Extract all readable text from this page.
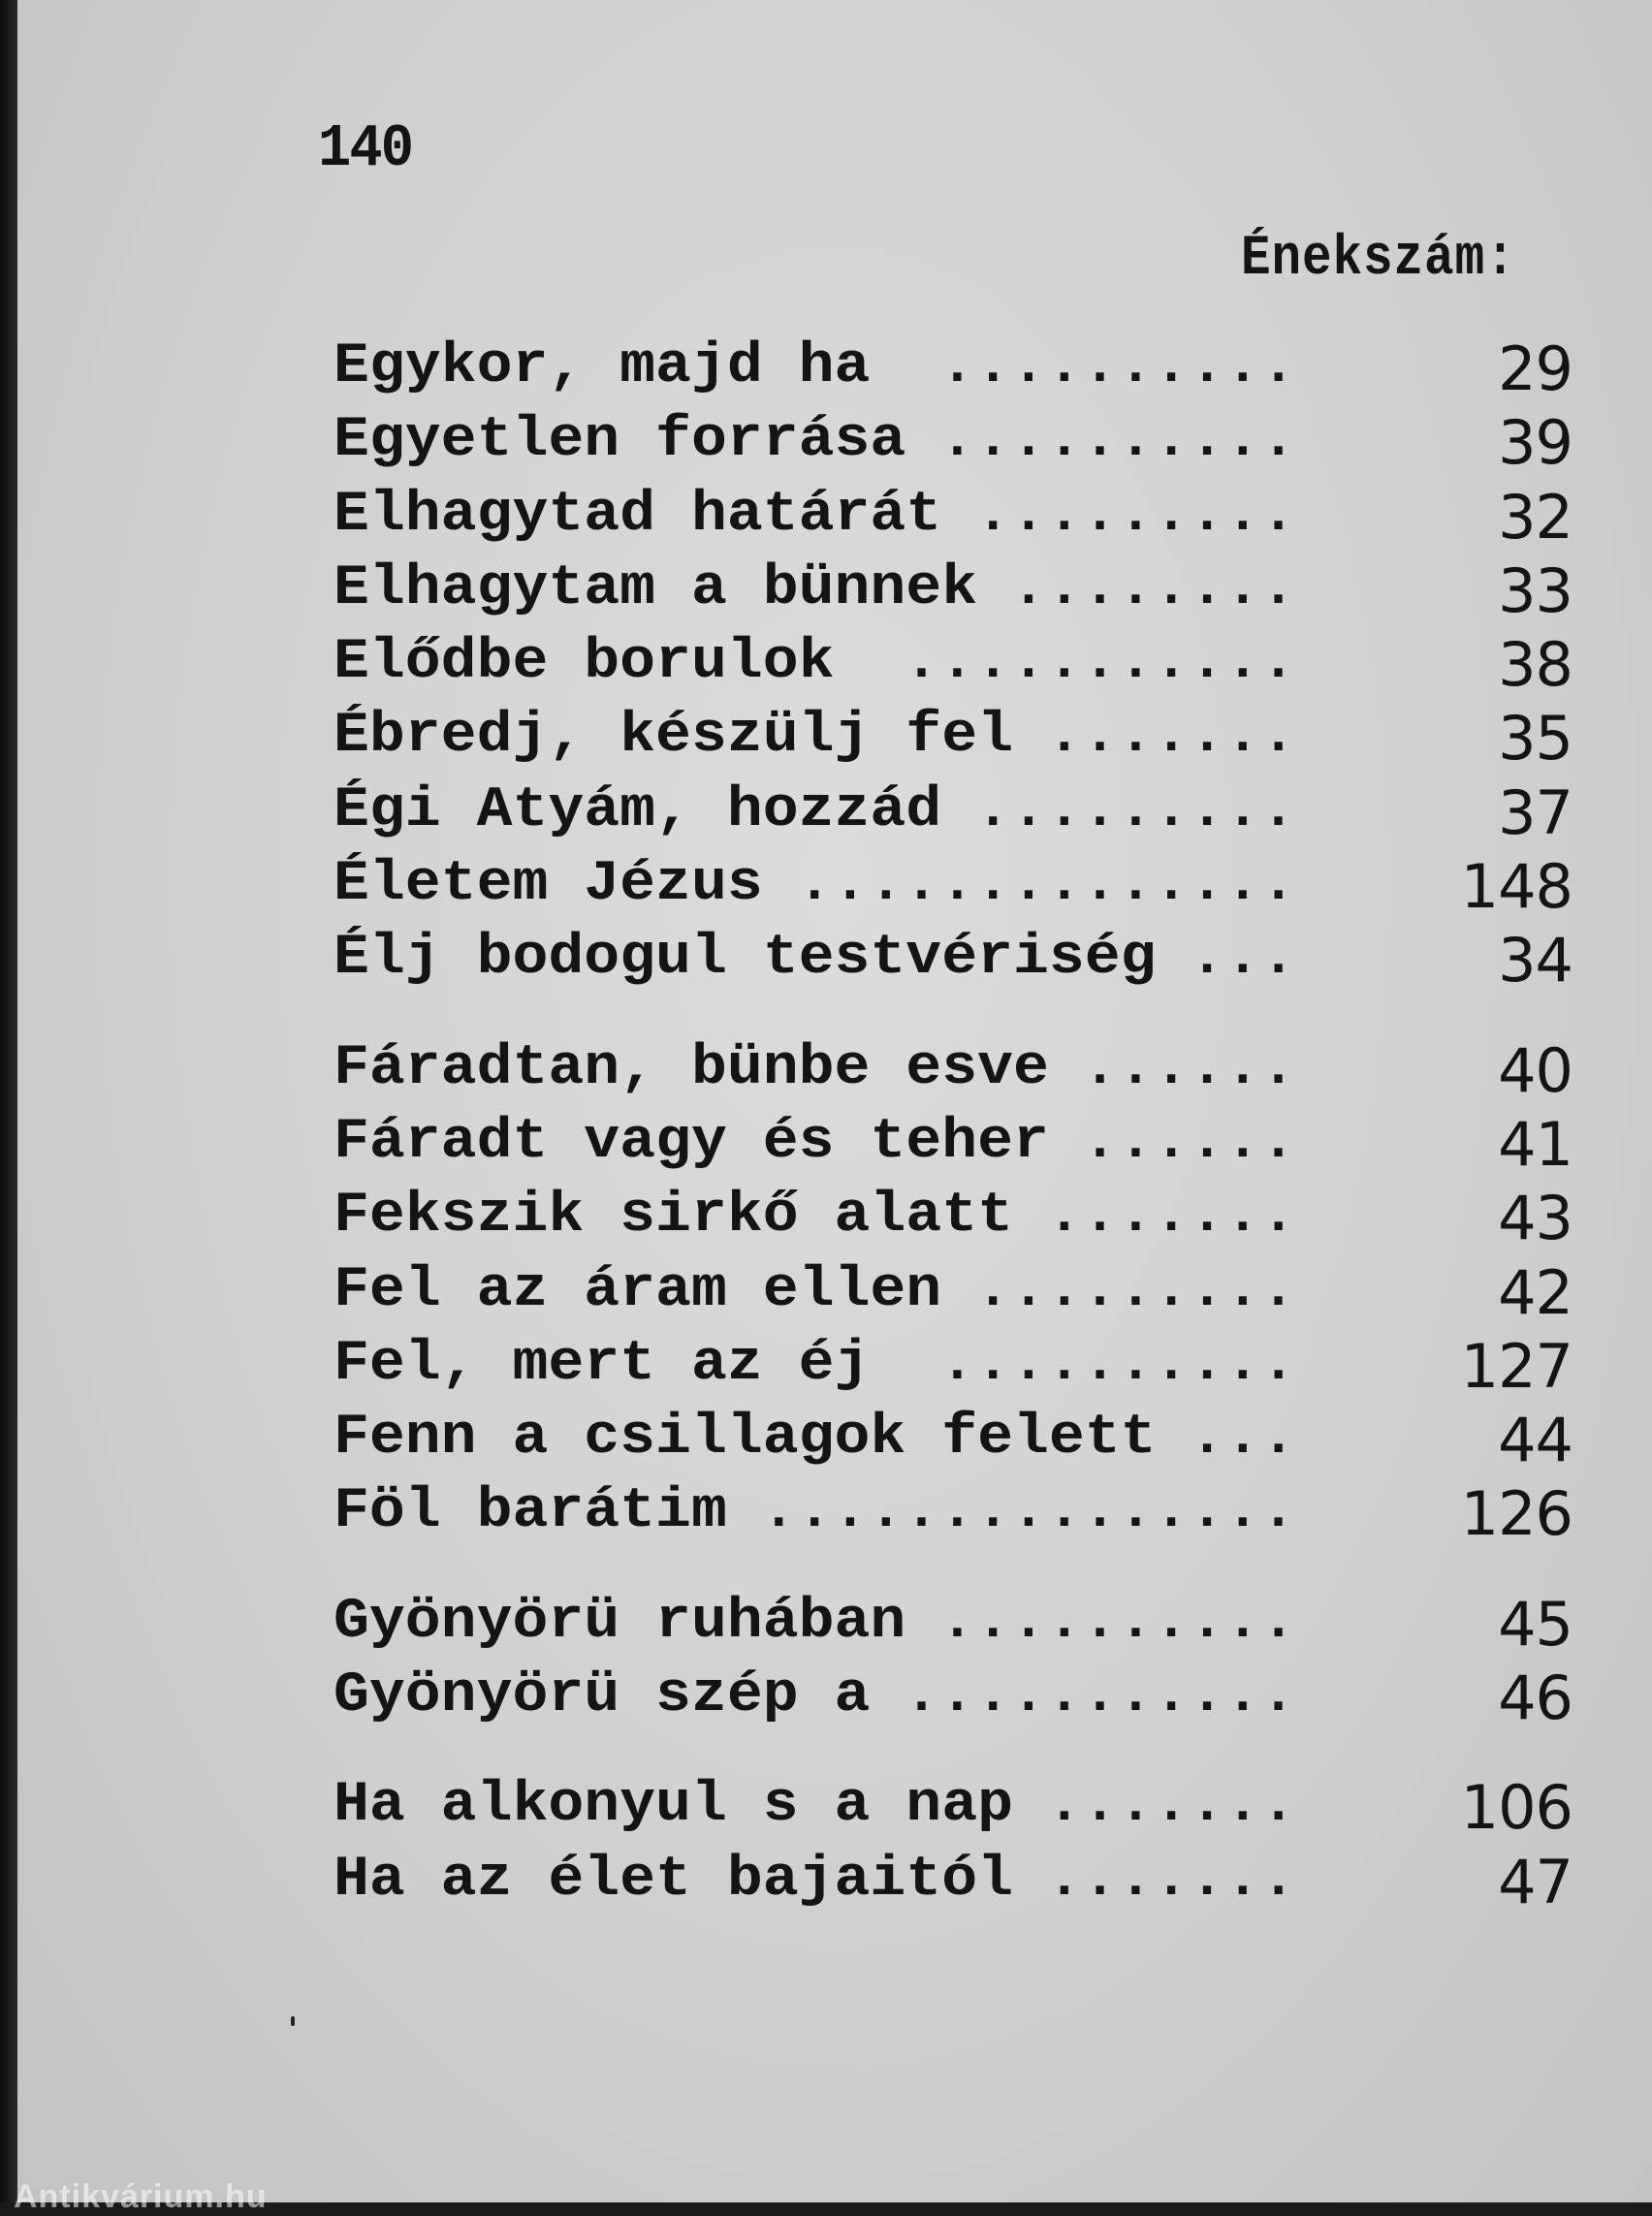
140
Énekszám:
Egykor, majd ha ..........	29
Egyetlen forrása ..........	39
Elhagytad határát .........	32
Elhagytam a bünnek ........	33
Elődbe borulok ...........	38
Ébredj, készülj fel .......	35
Égi Atyám, hozzád .........	37
Életem Jézus ..............	148
Élj bodogul testvériség ...	34
Fáradtan, bünbe esve ......	40
Fáradt vagy és teher ......	41
Fekszik sirkő alatt .......	43
Fel az áram ellen .........	42
Fel, mert az éj ..........	127
Fenn a csillagok felett ...	44
Föl barátim ...............	126
Gyönyörü ruhában ..........	45
Gyönyörü szép a ...........	46
Ha alkonyul s a nap .......	106
Ha az élet bajaitól .......	47
Antikvárium.hu
